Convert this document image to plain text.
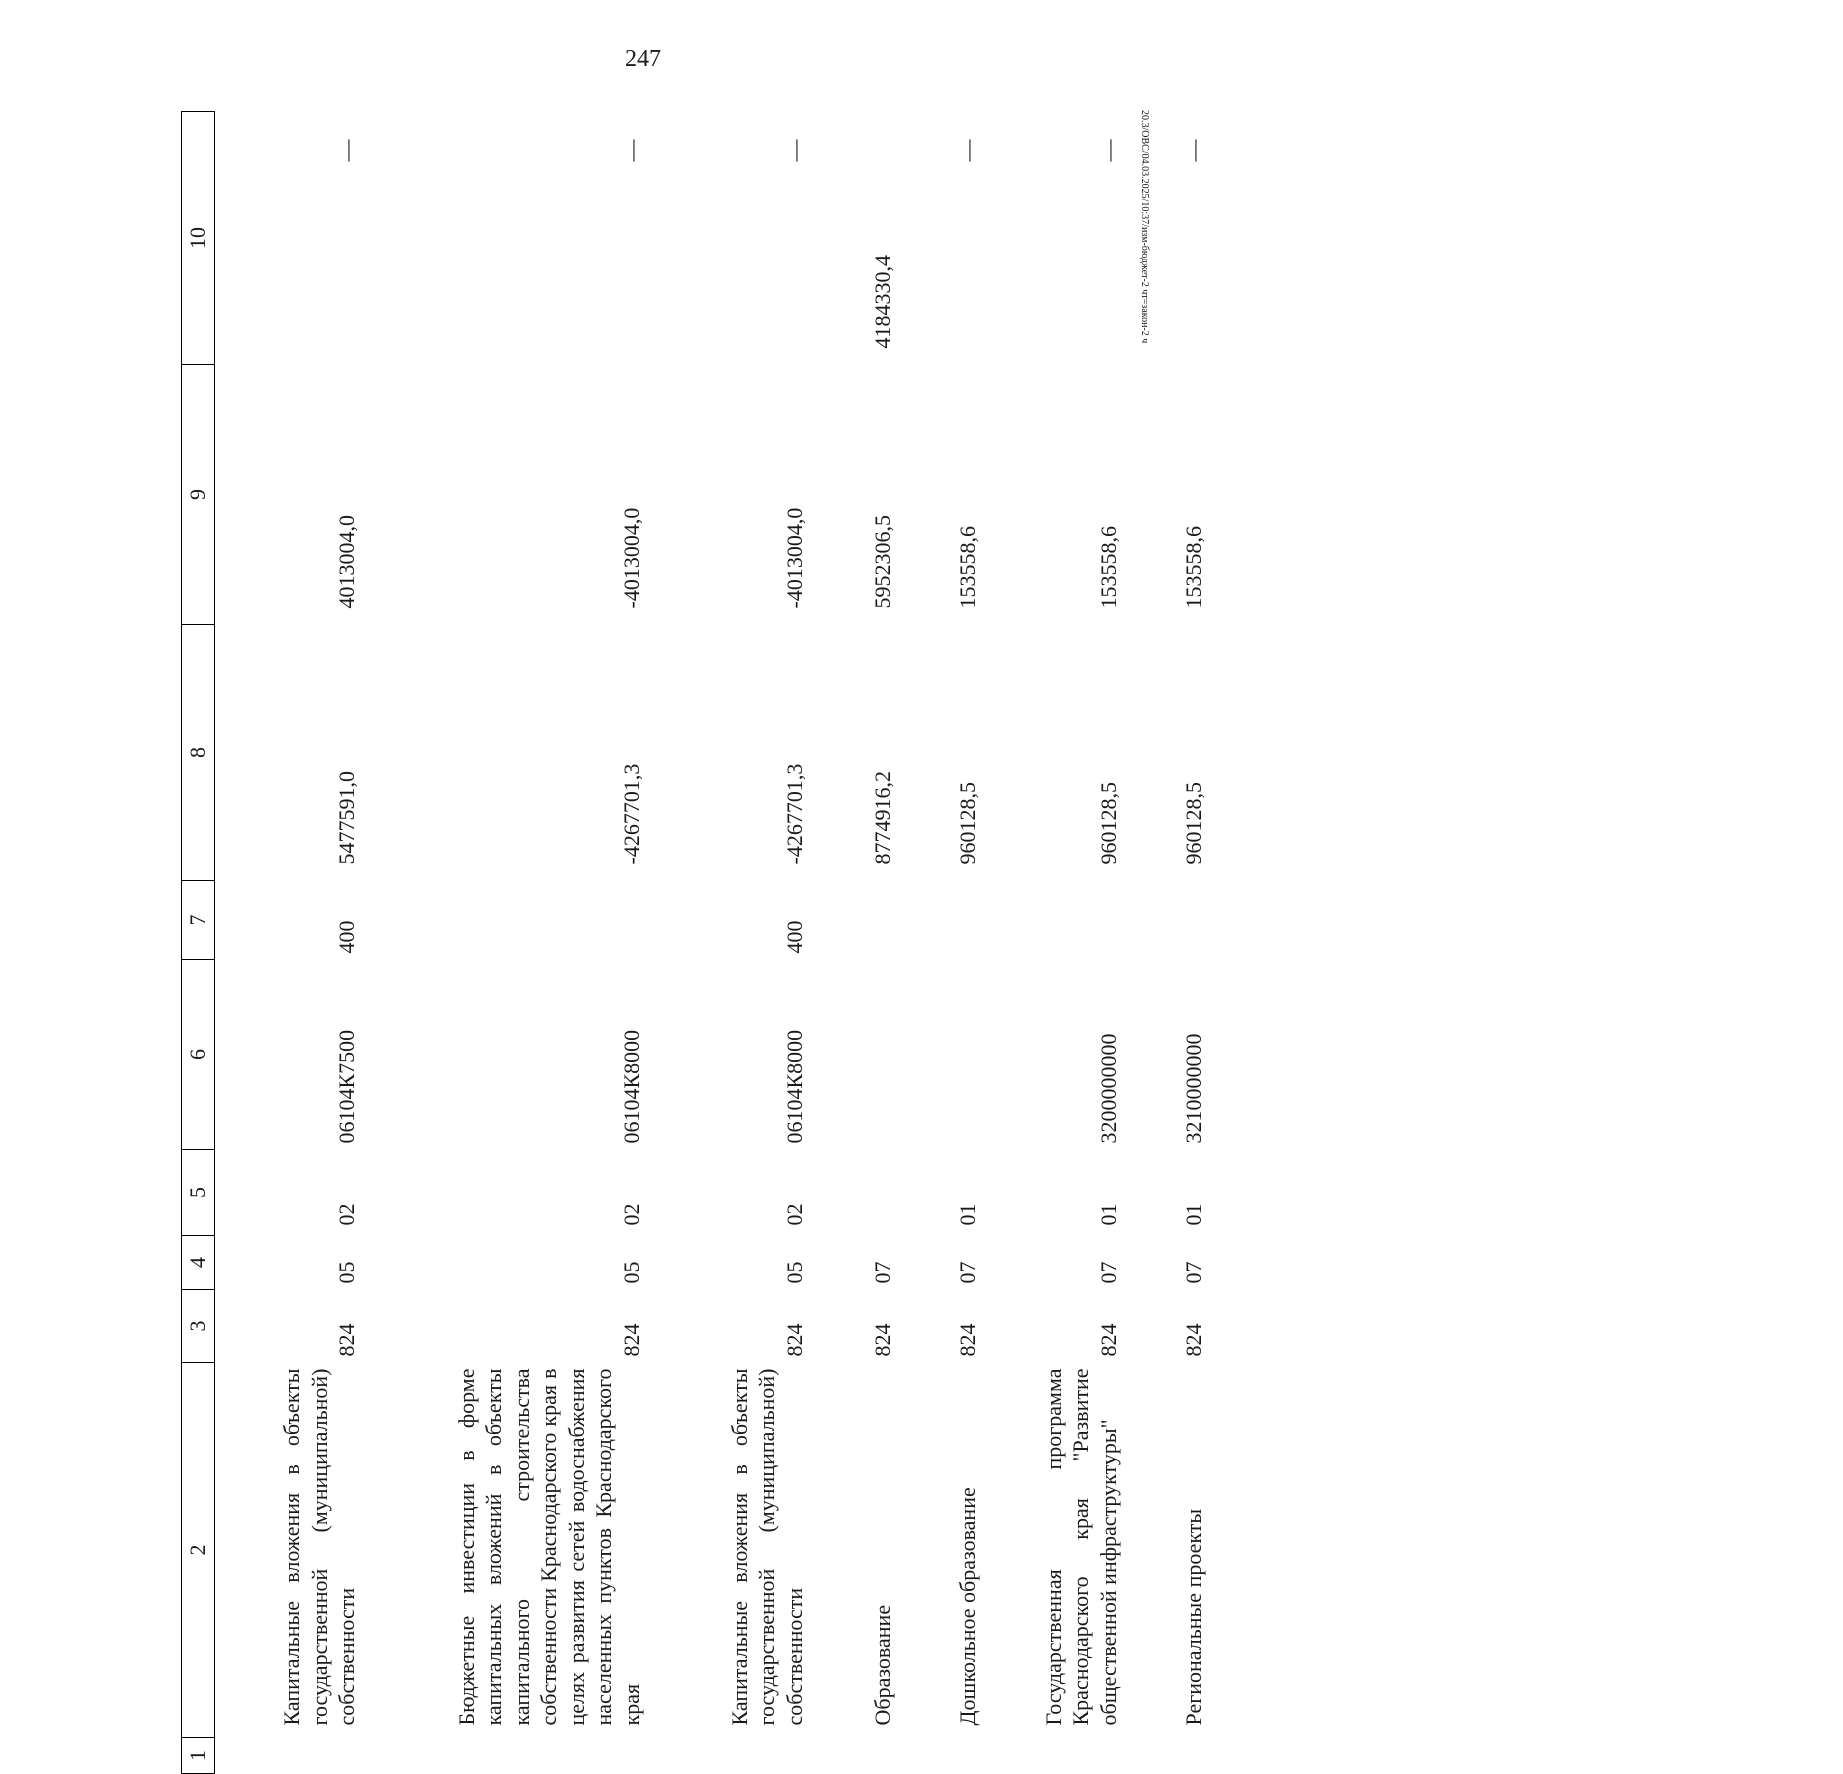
247
20.3/OBC/04.03.2025/10:37/изм-бюджет-2 чт=закон-2 ч
1	2	3	4	5	6	7	8	9	10
	Капитальные вложения в объекты государственной (муниципальной) собственности	824	05	02	06104К7500	400	5477591,0	4013004,0	—
	Бюджетные инвестиции в форме капитальных вложений в объекты капитального строительства собственности Краснодарского края в целях развития сетей водоснабжения населенных пунктов Краснодарского края	824	05	02	06104К8000		-4267701,3	-4013004,0	—
	Капитальные вложения в объекты государственной (муниципальной) собственности	824	05	02	06104К8000	400	-4267701,3	-4013004,0	—
	Образование	824	07				8774916,2	5952306,5	4184330,4
	Дошкольное образование	824	07	01			960128,5	153558,6	—
	Государственная программа Краснодарского края "Развитие общественной инфраструктуры"	824	07	01	3200000000		960128,5	153558,6	—
	Региональные проекты	824	07	01	3210000000		960128,5	153558,6	—
